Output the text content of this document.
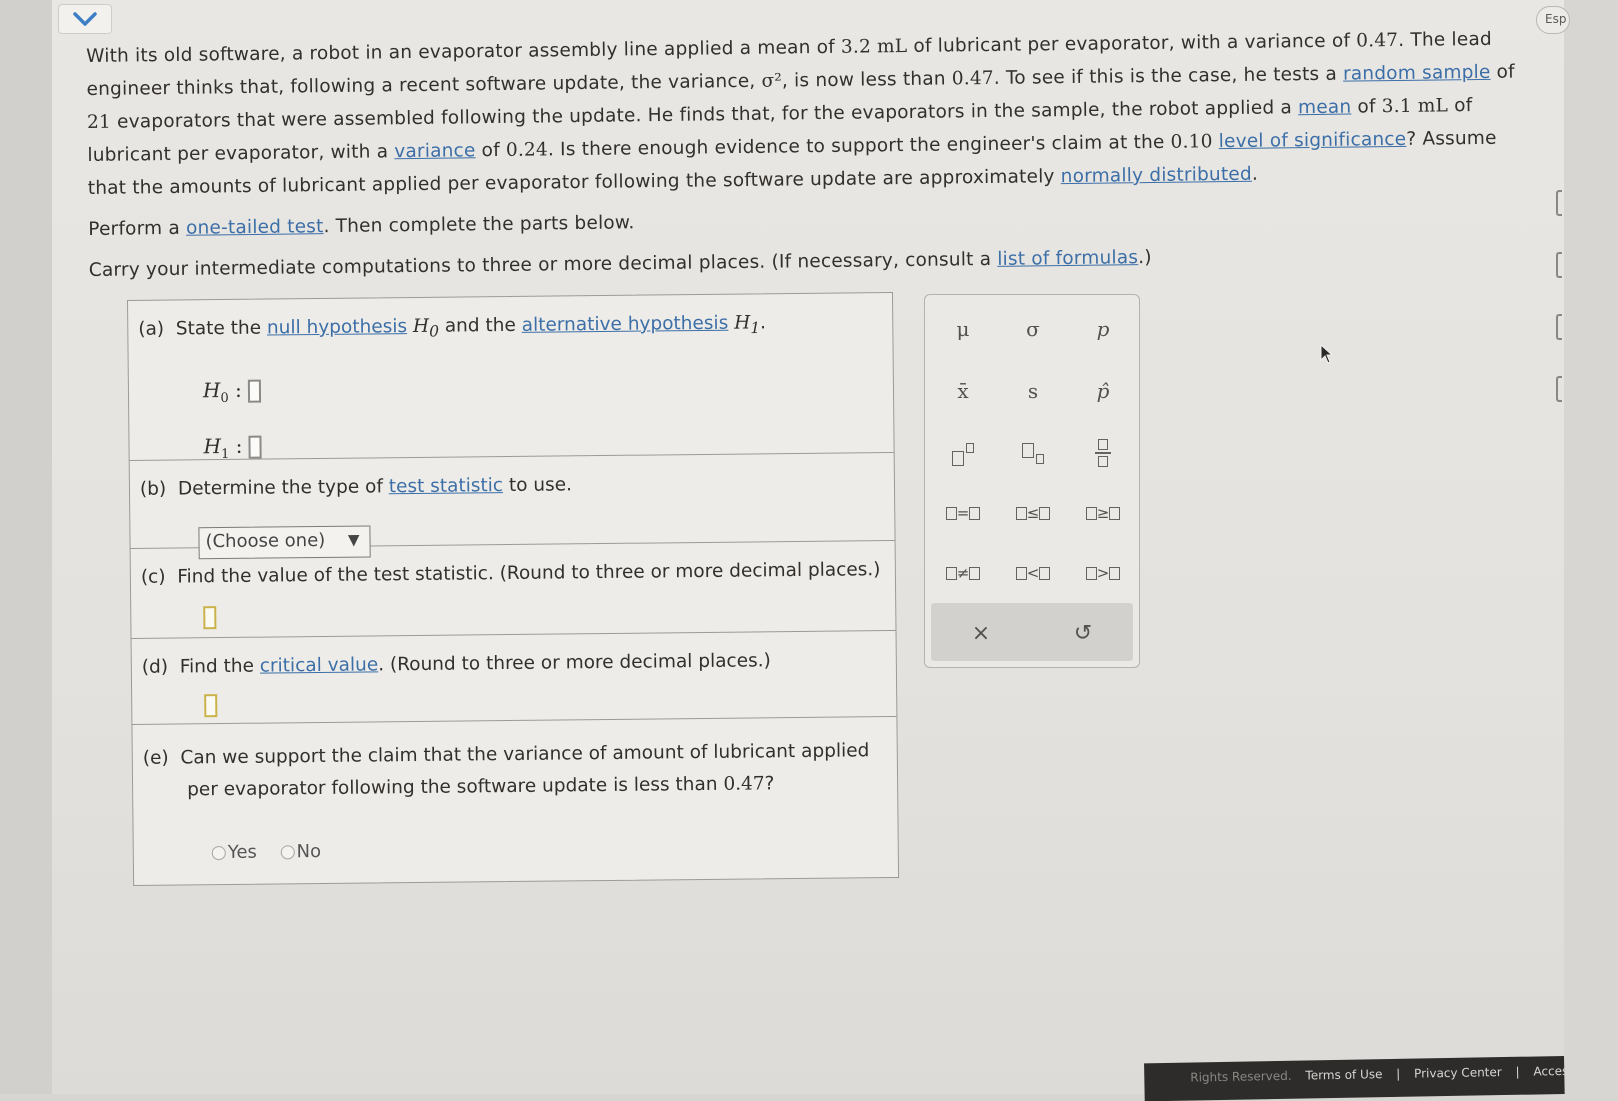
Esp

With its old software, a robot in an evaporator assembly line applied a mean of 3.2 mL of lubricant per evaporator, with a variance of 0.47. The lead engineer thinks that, following a recent software update, the variance, σ², is now less than 0.47. To see if this is the case, he tests a random sample of 21 evaporators that were assembled following the update. He finds that, for the evaporators in the sample, the robot applied a mean of 3.1 mL of lubricant per evaporator, with a variance of 0.24. Is there enough evidence to support the engineer's claim at the 0.10 level of significance? Assume that the amounts of lubricant applied per evaporator following the software update are approximately normally distributed.

Perform a one-tailed test. Then complete the parts below.

Carry your intermediate computations to three or more decimal places. (If necessary, consult a list of formulas.)

(a) State the null hypothesis $H_0$ and the alternative hypothesis $H_1$.
$H_0$ :
$H_1$ :
(b) Determine the type of test statistic to use.
(Choose one) ▼
(c) Find the value of the test statistic. (Round to three or more decimal places.)
(d) Find the critical value. (Round to three or more decimal places.)
(e) Can we support the claim that the variance of amount of lubricant applied
per evaporator following the software update is less than 0.47?
Yes No
μ	σ	p
x̄	s	p̂
=	≤	≥
≠	<	>
×	↺
Rights Reserved. Terms of Use | Privacy Center | Accessibility
